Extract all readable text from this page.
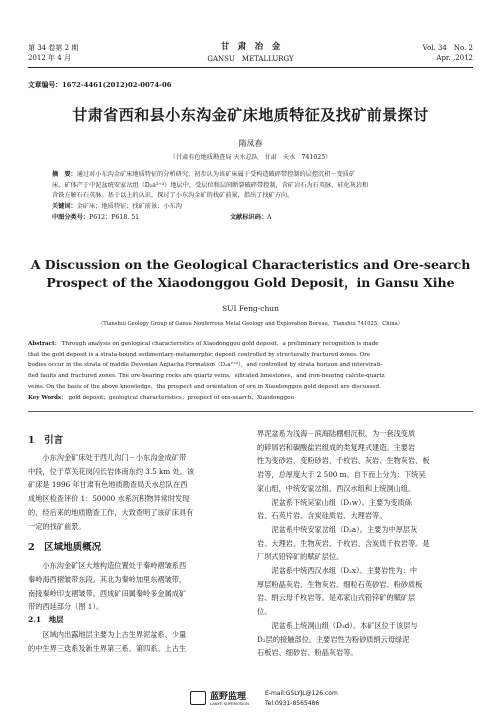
第 34 卷第 2 期
2012 年 4 月
甘　肃　冶　金
GANSU　METALLURGY
Vol. 34　No. 2
Apr. ,2012
文章编号：1672-4461(2012)02-0074-06
甘肃省西和县小东沟金矿床地质特征及找矿前景探讨
隋凤春
（甘肃有色地质勘查局 天水总队　甘肃　天水　741025）
摘　要：通过对小东沟金矿床地质特征的分析研究，初步认为该矿床属于受构造破碎带控制的层控沉积－变质矿
床。矿体产于中泥盆统安家岔组（D₂a²⁺³）地层中，受层位和层间断裂破碎带控制，含矿岩石为石英脉、硅化灰岩和
含铁方解石石英脉。基于以上的认识，探讨了小东沟金矿的找矿前景，指出了找矿方向。
关键词：金矿床；地质特征；找矿前景；小东沟
中图分类号：P612；P618. 51	文献标识码：A
A Discussion on the Geological Characteristics and Ore-search
Prospect of the Xiaodonggou Gold Deposit，in Gansu Xihe
SUI Feng-chun
（Tianshui Geology Group of Gansu Nonferrous Metal Geology and Exploration Bureau，Tianshui 741025，China）
Abstract： Through analysis on geological characteristics of Xiaodonggou gold deposit，a preliminary recognition is made
that the gold deposit is a strata-bound sedimentary-metamorphic deposit controlled by structurally fractured zones. Ore
bodies occur in the strata of middle Devonian Anjiacha Formation（D₂a²⁺³），and controlled by strata horizon and interstrati-
fied faults and fractured zones. The ore-bearing rocks are quartz veins，silicated limestones，and iron-bearing calcite-quartz
veins. On the basis of the above knowledge，the prospect and orientation of ore in Xiaodonggou gold deposit are discussed.
Key Words： gold deposit；geological characteristics；prospect of ore-search；Xiaodonggou
1　 引言
小东沟金矿床处于西儿沟门－小东沟金成矿带
中段，位于草关花岗闪长岩体南东约 3.5 km 处。该
矿床是 1996 年甘肃有色地质勘查局天水总队在西
成地区检查评价 1：50000 水系沉积物异常时发现
的，经后来的地质勘查工作，大致查明了该矿床具有
一定的找矿前景。
2　 区域地质概况
小东沟金矿区大地构造位置处于秦岭褶皱系西
秦岭海西褶皱带东段。其北为秦岭加里东褶皱带，
南接秦岭印支褶皱带。西成矿田属秦岭多金属成矿
带的西延部分（图 1）。
2.1　 地层
区域内出露地层主要为上古生界泥盆系、少量
的中生界三迭系及新生界第三系、第四系。上古生
界泥盆系为浅海－滨海陆棚相沉积，为一套浅变质
的碎屑岩和碳酸盐岩组成的类复理式建造。主要岩
性为变砂岩、变粉砂岩、千枚岩、灰岩、生物灰岩、板
岩等，总厚度大于 2 500 m。自下而上分为：下统吴
家山组，中统安家岔组、西汉水组和上统洞山组。
泥盆系下统吴家山组（D₁w）。主要为变质砾
岩、石英片岩、含炭硅质岩、大理岩等。
泥盆系中统安家岔组（D₂a）。主要为中厚层灰
岩、大理岩、生物灰岩、千枚岩、含炭质千枚岩等。是
厂坝式铅锌矿的赋矿层位。
泥盆系中统西汉水组（D₂x）。主要岩性为：中
厚层粉晶灰岩、生物灰岩、细粒石英砂岩、粉砂质板
岩、绢云母千枚岩等。是邓家山式铅锌矿的赋矿层
位。
泥盆系上统洞山组（D₃d）。本矿区位于该层与
D₂层的接触部位。主要岩性为粉砂质绢云母绿泥
石板岩、细砂岩、粉晶灰岩等。
蓝野监理
LANYE SUPERVISION
E-mail:GSLYJL@126.com
Tel:0931-8565486
